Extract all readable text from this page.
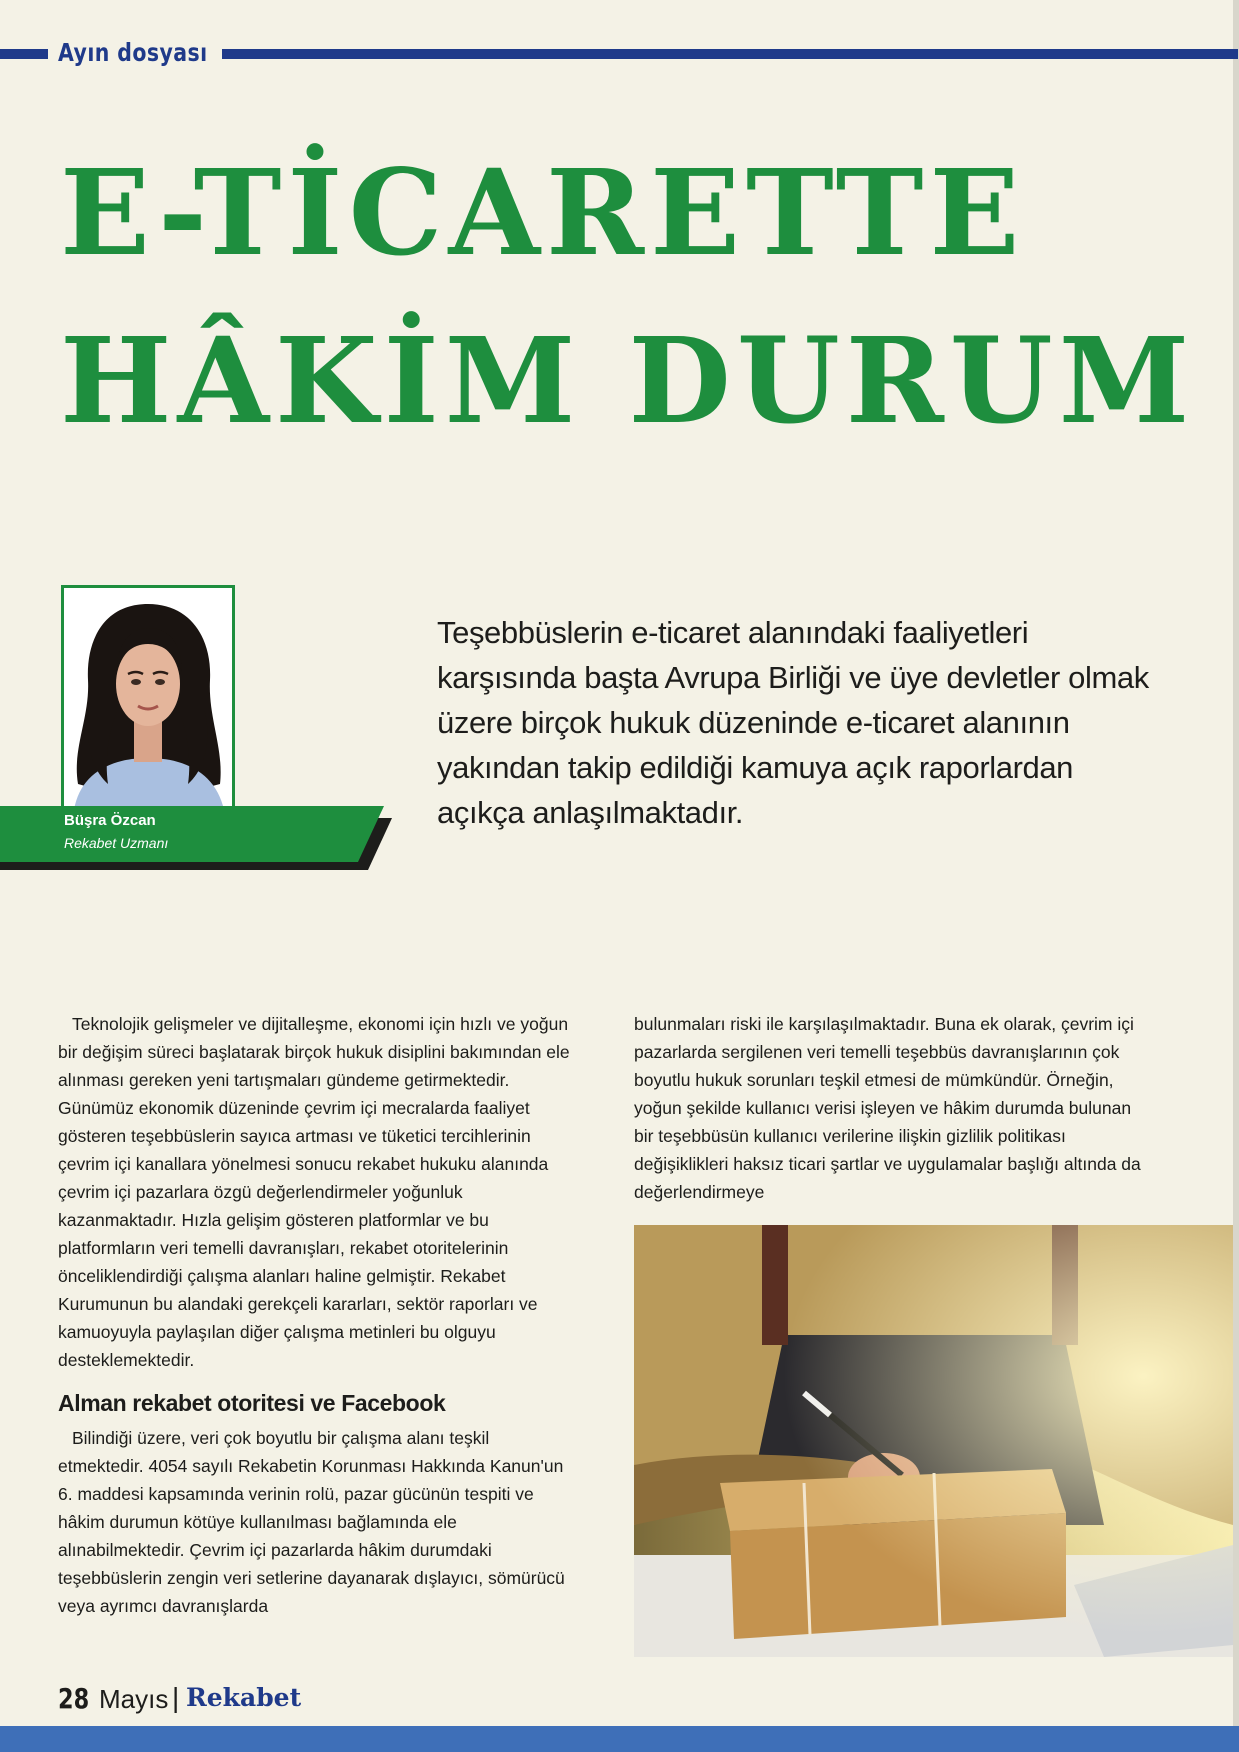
Ayın dosyası
E-TİCARETTE
HÂKİM DURUM
Büşra Özcan
Rekabet Uzmanı

Teşebbüslerin e-ticaret alanındaki faaliyetleri karşısında başta Avrupa Birliği ve üye devletler olmak üzere birçok hukuk düzeninde e-ticaret alanının yakından takip edildiği kamuya açık raporlardan açıkça anlaşılmaktadır.

Teknolojik gelişmeler ve dijitalleşme, ekonomi için hızlı ve yoğun bir değişim süreci başlatarak birçok hukuk disiplini bakımından ele alınması gereken yeni tartışmaları gündeme getirmektedir. Günümüz ekonomik düzeninde çevrim içi mecralarda faaliyet gösteren teşebbüslerin sayıca artması ve tüketici tercihlerinin çevrim içi kanallara yönelmesi sonucu rekabet hukuku alanında çevrim içi pazarlara özgü değerlendirmeler yoğunluk kazanmaktadır. Hızla gelişim gösteren platformlar ve bu platformların veri temelli davranışları, rekabet otoritelerinin önceliklendirdiği çalışma alanları haline gelmiştir. Rekabet Kurumunun bu alandaki gerekçeli kararları, sektör raporları ve kamuoyuyla paylaşılan diğer çalışma metinleri bu olguyu desteklemektedir.

Alman rekabet otoritesi ve Facebook

Bilindiği üzere, veri çok boyutlu bir çalışma alanı teşkil etmektedir. 4054 sayılı Rekabetin Korunması Hakkında Kanun'un 6. maddesi kapsamında verinin rolü, pazar gücünün tespiti ve hâkim durumun kötüye kullanılması bağlamında ele alınabilmektedir. Çevrim içi pazarlarda hâkim durumdaki teşebbüslerin zengin veri setlerine dayanarak dışlayıcı, sömürücü veya ayrımcı davranışlarda

bulunmaları riski ile karşılaşılmaktadır. Buna ek olarak, çevrim içi pazarlarda sergilenen veri temelli teşebbüs davranışlarının çok boyutlu hukuk sorunları teşkil etmesi de mümkündür. Örneğin, yoğun şekilde kullanıcı verisi işleyen ve hâkim durumda bulunan bir teşebbüsün kullanıcı verilerine ilişkin gizlilik politikası değişiklikleri haksız ticari şartlar ve uygulamalar başlığı altında da değerlendirmeye

28 Mayıs | Rekabet
